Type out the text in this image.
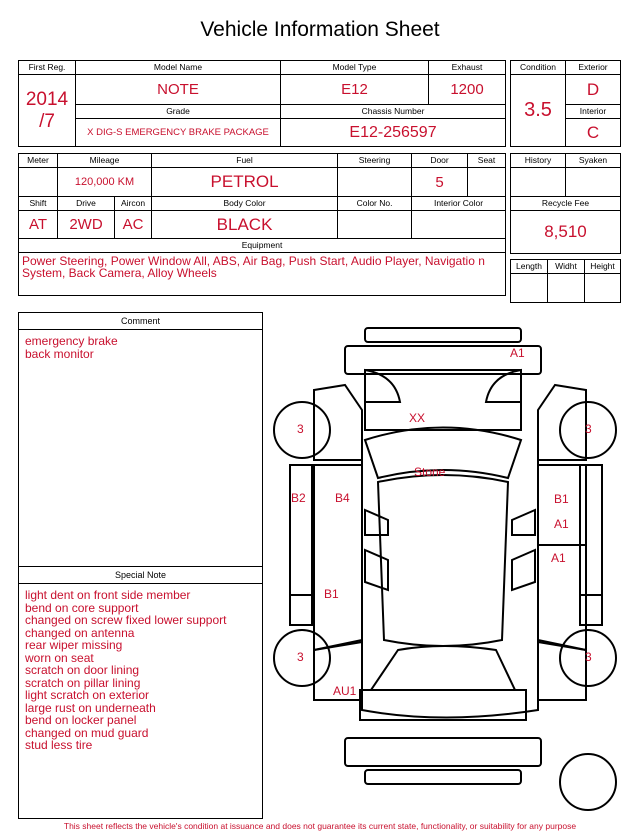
Vehicle Information Sheet
First Reg.	Model Name	Model Type	Exhaust

2014
/7	NOTE	E12	1200
	Grade	Chassis Number	
	X DIG-S EMERGENCY BRAKE PACKAGE	E12-256597	
Condition	Exterior
3.5	D
	Interior
	C
Meter	Mileage		Fuel	Steering	Door	Seat
	120,000 KM		PETROL		5	
Shift	Drive	Aircon	Body Color	Color No.	Interior Color	
AT	2WD	AC	BLACK			
Equipment						
Power Steering, Power Window All, ABS, Air Bag, Push Start, Audio Player, Navigatio n System, Back Camera, Alloy Wheels						
History	Syaken

Recycle Fee	
8,510	
Length	Widht	Height

Comment
emergency brake
back monitor
Special Note
light dent on front side member
bend on core support
changed on screw fixed lower support
changed on antenna
rear wiper missing
worn on seat
scratch on door lining
scratch on pillar lining
light scratch on exterior
large rust on underneath
bend on locker panel
changed on mud guard
stud less tire
A1
XX
3	3
Stone
B2 B4	B1
A1
A1
B1
3	3
AU1
This sheet reflects the vehicle's condition at issuance and does not guarantee its current state, functionality, or suitability for any purpose
